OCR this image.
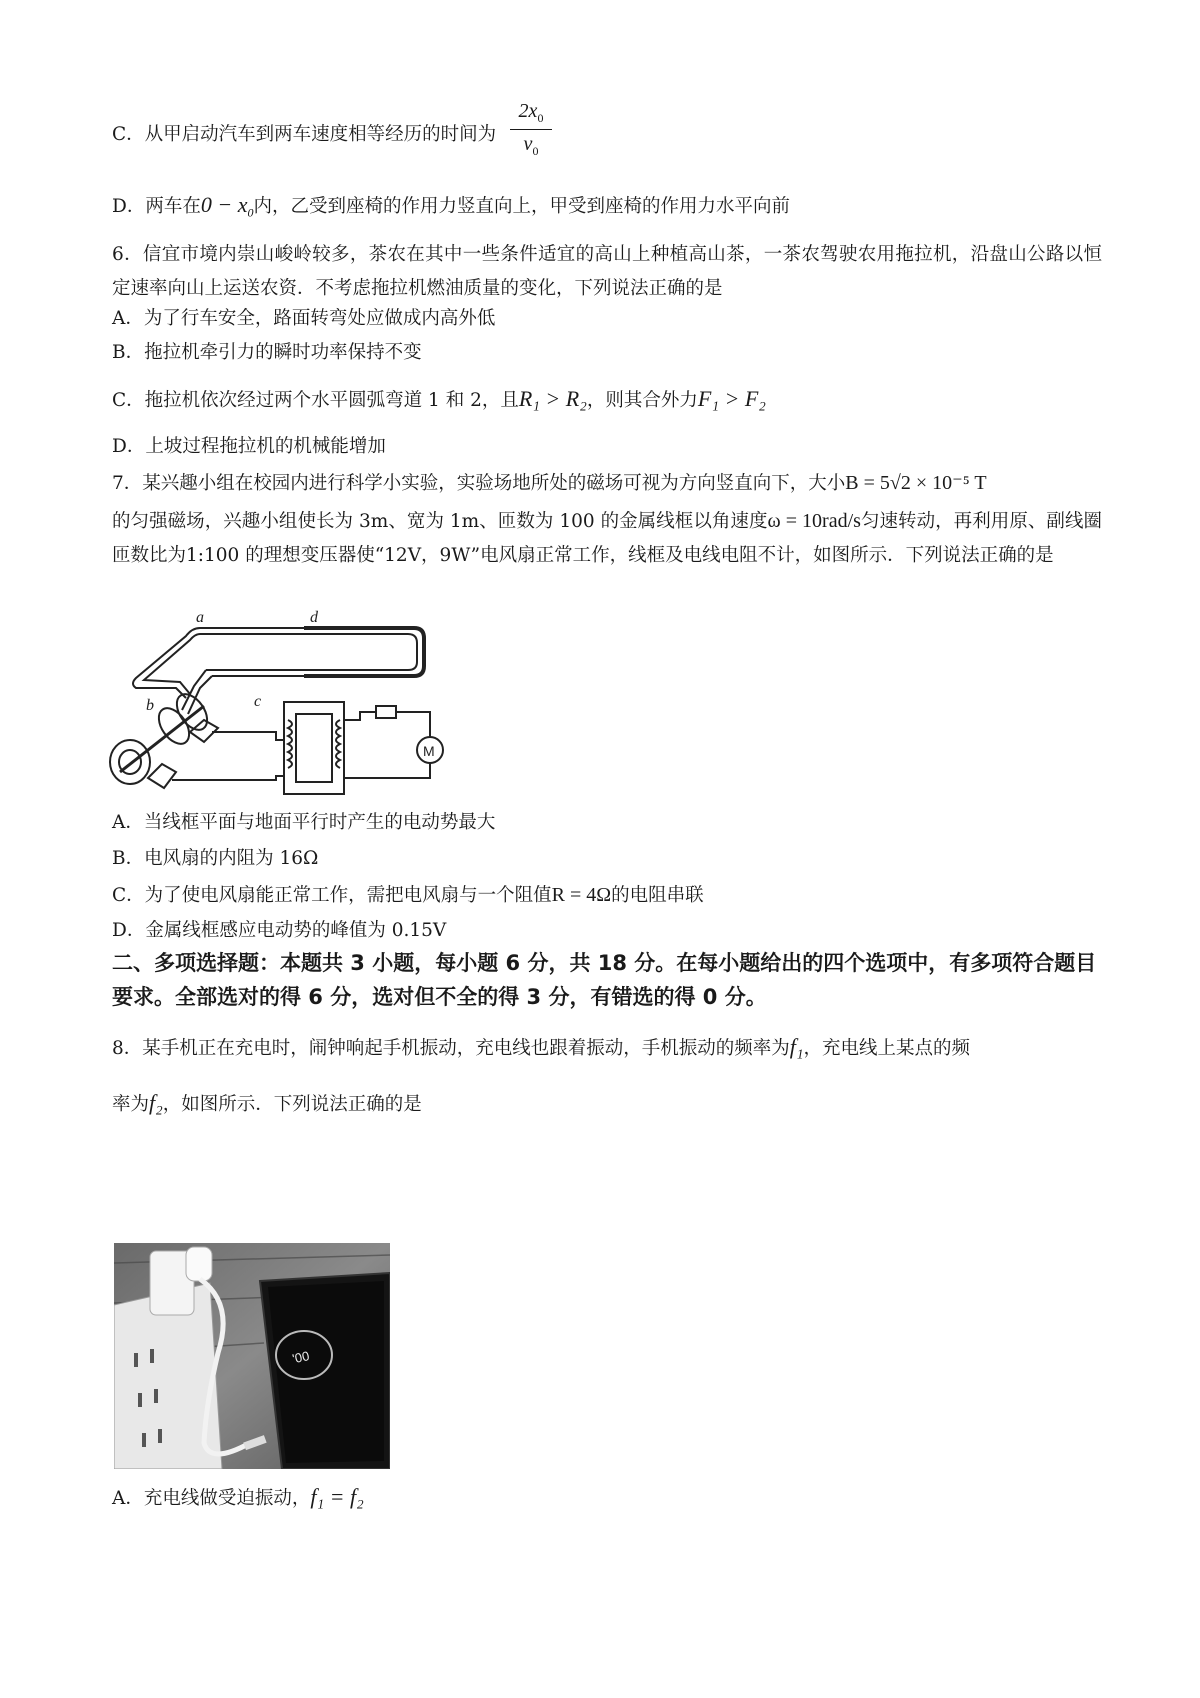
C．从甲启动汽车到两车速度相等经历的时间为
$2x_0$
$v_0$
D．两车在$0 - x_0$内，乙受到座椅的作用力竖直向上，甲受到座椅的作用力水平向前
6．信宜市境内崇山峻岭较多，茶农在其中一些条件适宜的高山上种植高山茶，一茶农驾驶农用拖拉机，沿盘山公路以恒定速率向山上运送农资．不考虑拖拉机燃油质量的变化，下列说法正确的是
A．为了行车安全，路面转弯处应做成内高外低
B．拖拉机牵引力的瞬时功率保持不变
C．拖拉机依次经过两个水平圆弧弯道 1 和 2，且R₁ > R₂，则其合外力F₁ > F₂
D．上坡过程拖拉机的机械能增加
7．某兴趣小组在校园内进行科学小实验，实验场地所处的磁场可视为方向竖直向下，大小B = 5√2 × 10⁻⁵ T
的匀强磁场，兴趣小组使长为 3m、宽为 1m、匝数为 100 的金属线框以角速度ω = 10rad/s匀速转动，再利用原、副线圈匝数比为1:100 的理想变压器使“12V，9W”电风扇正常工作，线框及电线电阻不计，如图所示．下列说法正确的是
a	d
b	c
M
A．当线框平面与地面平行时产生的电动势最大
B．电风扇的内阻为 16Ω
C．为了使电风扇能正常工作，需把电风扇与一个阻值R = 4Ω的电阻串联
D．金属线框感应电动势的峰值为 0.15V
二、多项选择题：本题共 3 小题，每小题 6 分，共 18 分。在每小题给出的四个选项中，有多项符合题目要求。全部选对的得 6 分，选对但不全的得 3 分，有错选的得 0 分。
8．某手机正在充电时，闹钟响起手机振动，充电线也跟着振动，手机振动的频率为f₁，充电线上某点的频
率为f₂，如图所示．下列说法正确的是
'00
A．充电线做受迫振动，f₁ = f₂
